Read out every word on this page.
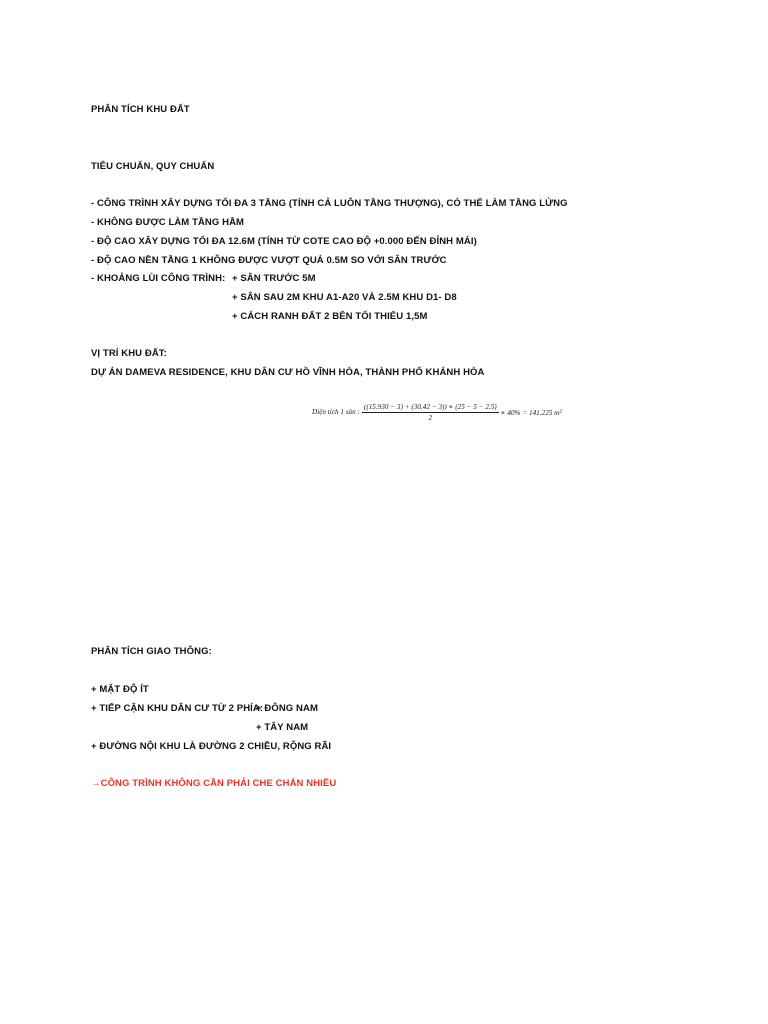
PHÂN TÍCH KHU ĐẤT
TIÊU CHUẨN, QUY CHUẨN
- CÔNG TRÌNH XÂY DỰNG TỐI ĐA 3 TẦNG (TÍNH CẢ LUÔN TẦNG THƯỢNG), CÓ THỂ LÀM TẦNG LỬNG
- KHÔNG ĐƯỢC LÀM TẦNG HẦM
- ĐỘ CAO XÂY DỰNG TỐI ĐA 12.6M (TÍNH TỪ COTE CAO ĐỘ +0.000 ĐẾN ĐỈNH MÁI)
- ĐỘ CAO NỀN TẦNG 1 KHÔNG ĐƯỢC VƯỢT QUÁ 0.5M SO VỚI SÂN TRƯỚC
- KHOẢNG LÙI CÔNG TRÌNH: + SÂN TRƯỚC 5M
+ SÂN SAU 2M KHU A1-A20 VÀ 2.5M KHU D1- D8
+ CÁCH RANH ĐẤT 2 BÊN TỐI THIỂU 1,5M
VỊ TRÍ KHU ĐẤT:
DỰ ÁN DAMEVA RESIDENCE, KHU DÂN CƯ HỒ VĨNH HÒA, THÀNH PHỐ KHÁNH HÒA
Diện tích 1 sàn : $\frac{((15.930 - 3) + (30.42 - 3)) ∗ (25 - 5 - 2.5)}{2}$ ∗ 40% = 141.225 m 2
PHÂN TÍCH GIAO THÔNG:
+ MẬT ĐỘ ÍT
+ TIẾP CẬN KHU DÂN CƯ TỪ 2 PHÍA:+ ĐÔNG NAM
+ TÂY NAM
+ ĐƯỜNG NỘI KHU LÀ ĐƯỜNG 2 CHIỀU, RỘNG RÃI
→CÔNG TRÌNH KHÔNG CẦN PHẢI CHE CHẮN NHIỀU
